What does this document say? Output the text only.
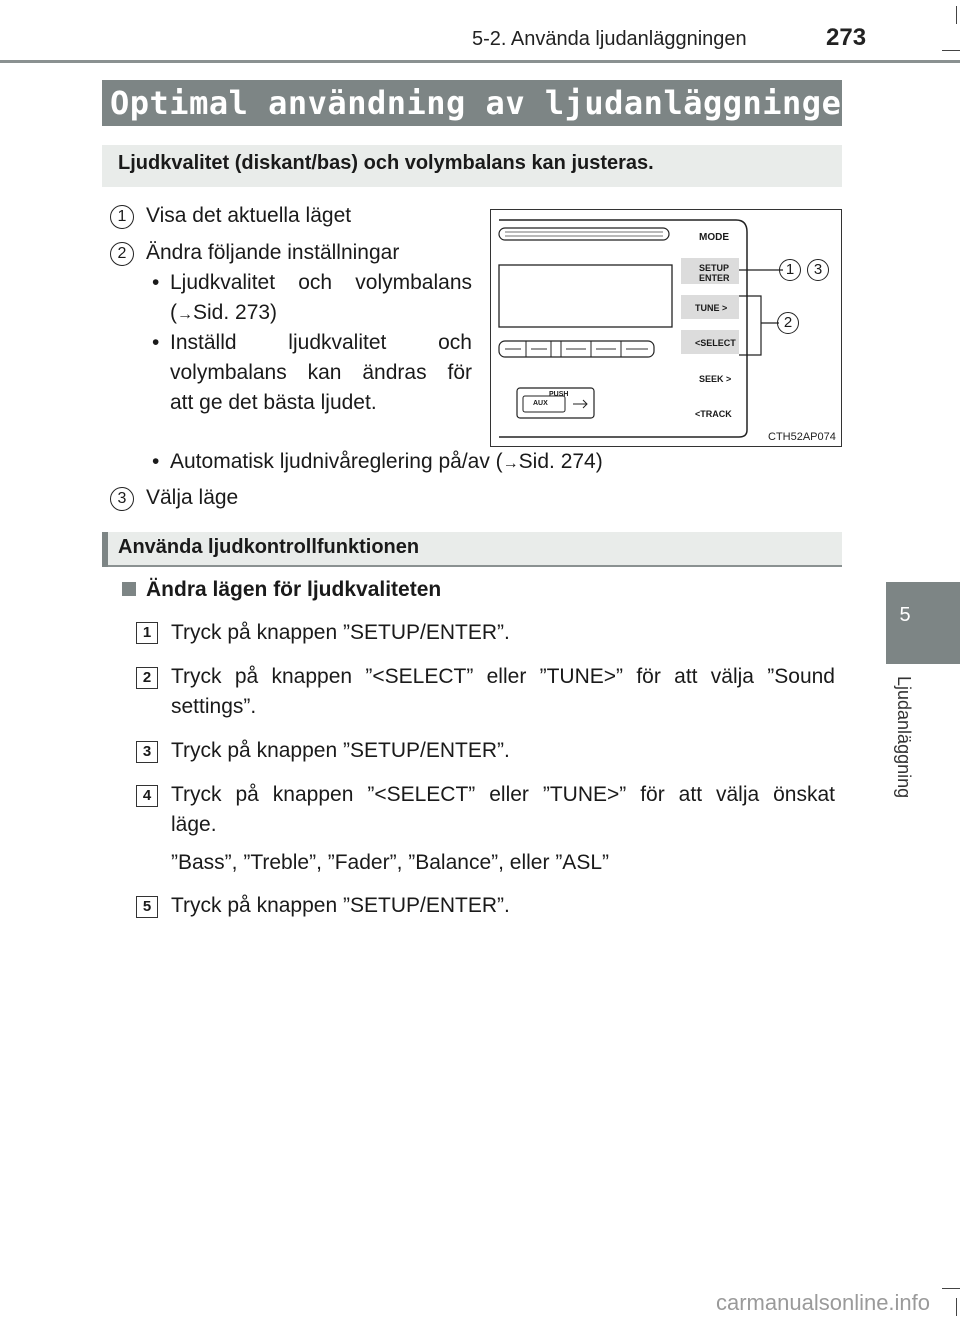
5-2. Använda ljudanläggningen	273
5
Ljudanläggning
Optimal användning av ljudanläggningen
Ljudkvalitet (diskant/bas) och volymbalans kan justeras.
1 Visa det aktuella läget
2 Ändra följande inställningar
• Ljudkvalitet och volymbalans
(→Sid. 273)
• Inställd ljudkvalitet och
volymbalans kan ändras för
att ge det bästa ljudet.
• Automatisk ljudnivåreglering på/av (→Sid. 274)
3 Välja läge
MODE
SETUP
ENTER
TUNE >
<SELECT
SEEK >
<TRACK
PUSH
AUX
1	3
2
CTH52AP074
Använda ljudkontrollfunktionen
Ändra lägen för ljudkvaliteten
1 Tryck på knappen ”SETUP/ENTER”.
2 Tryck på knappen ”<SELECT” eller ”TUNE>” för att välja ”Sound
settings”.
3 Tryck på knappen ”SETUP/ENTER”.
4 Tryck på knappen ”<SELECT” eller ”TUNE>” för att välja önskat
läge.
”Bass”, ”Treble”, ”Fader”, ”Balance”, eller ”ASL”
5 Tryck på knappen ”SETUP/ENTER”.
carmanualsonline.info
